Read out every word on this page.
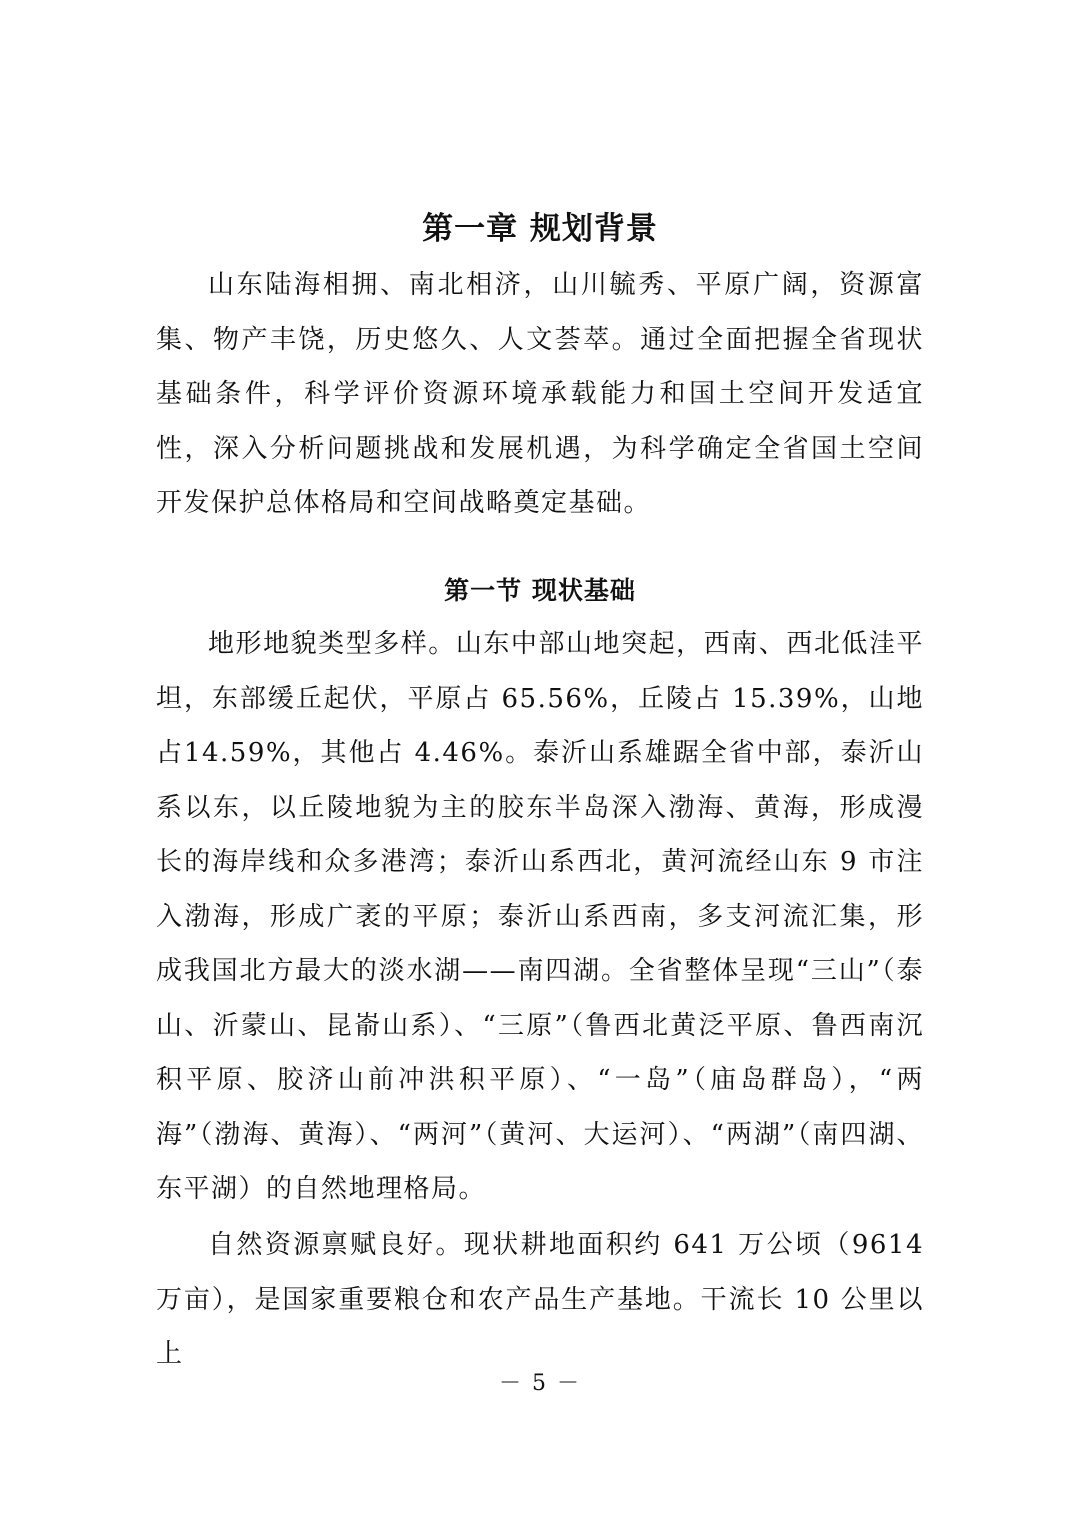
第一章 规划背景

山东陆海相拥、南北相济，山川毓秀、平原广阔，资源富集、物产丰饶，历史悠久、人文荟萃。通过全面把握全省现状基础条件，科学评价资源环境承载能力和国土空间开发适宜性，深入分析问题挑战和发展机遇，为科学确定全省国土空间开发保护总体格局和空间战略奠定基础。

第一节 现状基础

地形地貌类型多样。山东中部山地突起，西南、西北低洼平坦，东部缓丘起伏，平原占 65.56%，丘陵占 15.39%，山地占14.59%，其他占 4.46%。泰沂山系雄踞全省中部，泰沂山系以东，以丘陵地貌为主的胶东半岛深入渤海、黄海，形成漫长的海岸线和众多港湾；泰沂山系西北，黄河流经山东 9 市注入渤海，形成广袤的平原；泰沂山系西南，多支河流汇集，形成我国北方最大的淡水湖——南四湖。全省整体呈现“三山”（泰山、沂蒙山、昆嵛山系）、“三原”（鲁西北黄泛平原、鲁西南沉积平原、胶济山前冲洪积平原）、“一岛”（庙岛群岛），“两海”（渤海、黄海）、“两河”（黄河、大运河）、“两湖”（南四湖、东平湖）的自然地理格局。

自然资源禀赋良好。现状耕地面积约 641 万公顷（9614 万亩），是国家重要粮仓和农产品生产基地。干流长 10 公里以上

－ 5 －
